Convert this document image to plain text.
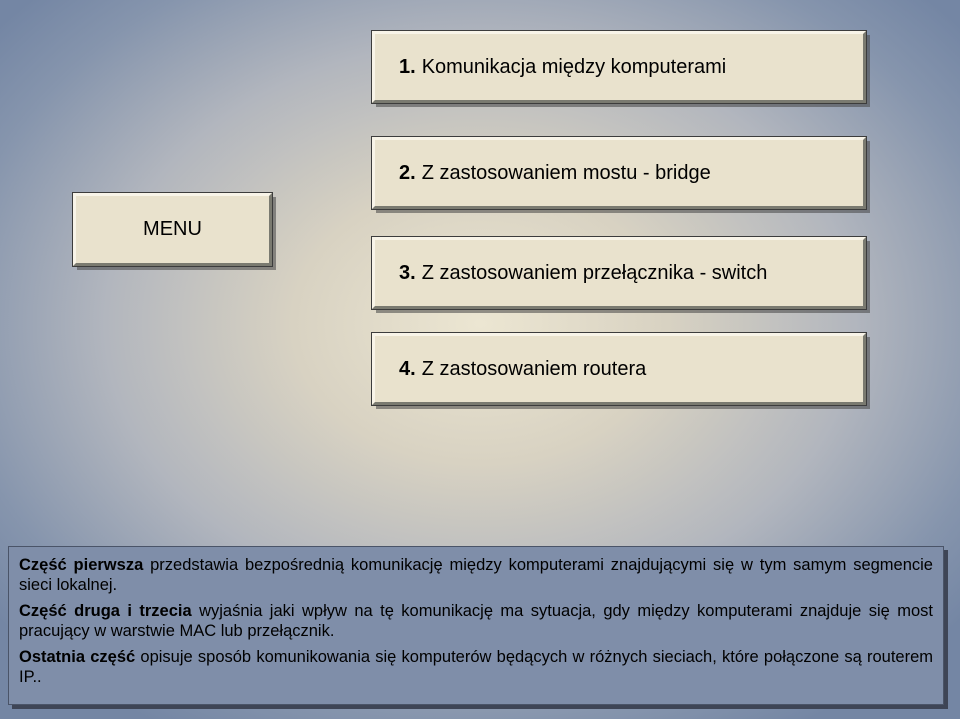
MENU
1. Komunikacja między komputerami
2. Z zastosowaniem mostu - bridge
3. Z zastosowaniem przełącznika - switch
4. Z zastosowaniem routera

Część pierwsza przedstawia bezpośrednią komunikację między komputerami znajdującymi się w tym samym segmencie sieci lokalnej.

Część druga i trzecia wyjaśnia jaki wpływ na tę komunikację ma sytuacja, gdy między komputerami znajduje się most pracujący w warstwie MAC lub przełącznik.

Ostatnia część opisuje sposób komunikowania się komputerów będących w różnych sieciach, które połączone są routerem IP..
